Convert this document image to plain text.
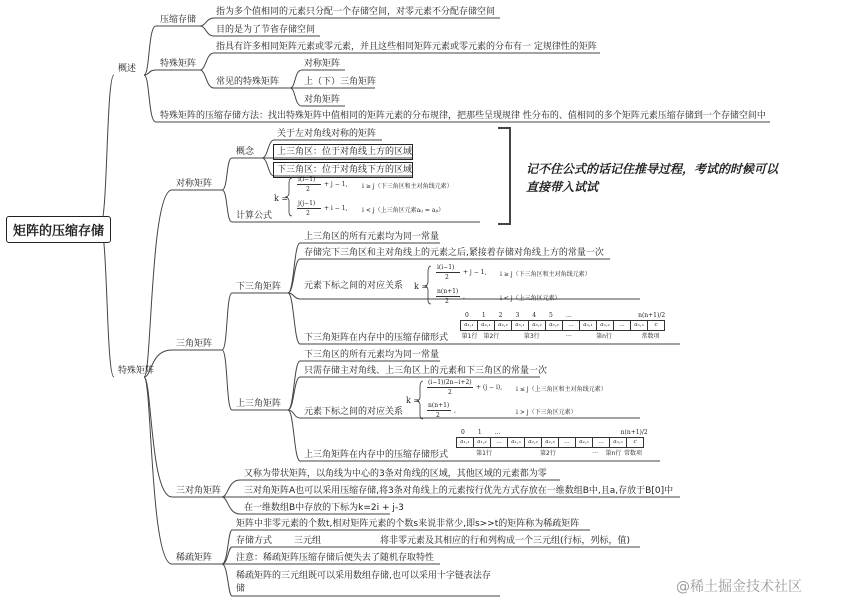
矩阵的压缩存储
概述
压缩存储
指为多个值相同的元素只分配一个存储空间，对零元素不分配存储空间
目的是为了节省存储空间
特殊矩阵
指具有许多相同矩阵元素或零元素，并且这些相同矩阵元素或零元素的分布有一 定规律性的矩阵
常见的特殊矩阵
对称矩阵
上（下）三角矩阵
对角矩阵
特殊矩阵的压缩存储方法：找出特殊矩阵中值相同的矩阵元素的分布规律，把那些呈现规律 性分布的、值相同的多个矩阵元素压缩存储到一个存储空间中
特殊矩阵
对称矩阵
概念
关于左对角线对称的矩阵
上三角区：位于对角线上方的区域
下三角区：位于对角线下方的区域
计算公式
k =
i(i−1)
2
+ j − 1, i ≥ j（下三角区和主对角线元素）
j(j−1)
2
+ i − 1, i < j（上三角区元素aᵢⱼ = aⱼᵢ）
记不住公式的话记住推导过程，考试的时候可以
直接带入试试
三角矩阵
下三角矩阵
上三角区的所有元素均为同一常量
存储完下三角区和主对角线上的元素之后,紧接着存储对角线上方的常量一次
元素下标之间的对应关系
下三角矩阵在内存中的压缩存储形式
k =
i(i−1)
2
+ j − 1, i ≥ j（下三角区和主对角线元素）
n(n+1)
2
,	i < j（上三角区元素）
0 1 2 3 4 5 …	n(n+1)/2
a₁,₁	a₂,₁	a₂,₂	a₃,₁	a₃,₂	a₃,₃	…	aₙ,₁	aₙ,₂	…	aₙ,ₙ	c
第1行 第2行	第3行	…	第n行	常数项
上三角矩阵
下三角区的所有元素均为同一常量
只需存储主对角线、上三角区上的元素和下三角区的常量一次
元素下标之间的对应关系
上三角矩阵在内存中的压缩存储形式
k =
(i−1)(2n−i+2)
2
+ (j − i), i ≤ j（上三角区和主对角线元素）
n(n+1)
2
,	i > j（下三角区元素）
0 1 …	n(n+1)/2
a₁,₁	a₁,₂	…	a₁,ₙ	a₂,₂	a₂,₃	…	a₂,ₙ	…	aₙ,ₙ	c
第1行	第2行	… 第n行 常数项
三对角矩阵
又称为带状矩阵，以角线为中心的3条对角线的区域，其他区域的元素都为零
三对角矩阵A也可以采用压缩存储,将3条对角线上的元素按行优先方式存放在一维数组B中,且a,存放于B[0]中
在一维数组B中存放的下标为k=2i + j-3
稀疏矩阵
矩阵中非零元素的个数t,相对矩阵元素的个数s来说非常少,即s>>t的矩阵称为稀疏矩阵
存储方式 三元组	将非零元素及其相应的行和列构成一个三元组(行标，列标，值)
注意：稀疏矩阵压缩存储后便失去了随机存取特性
稀疏矩阵的三元组既可以采用数组存储,也可以采用十字链表法存
储	@稀土掘金技术社区
